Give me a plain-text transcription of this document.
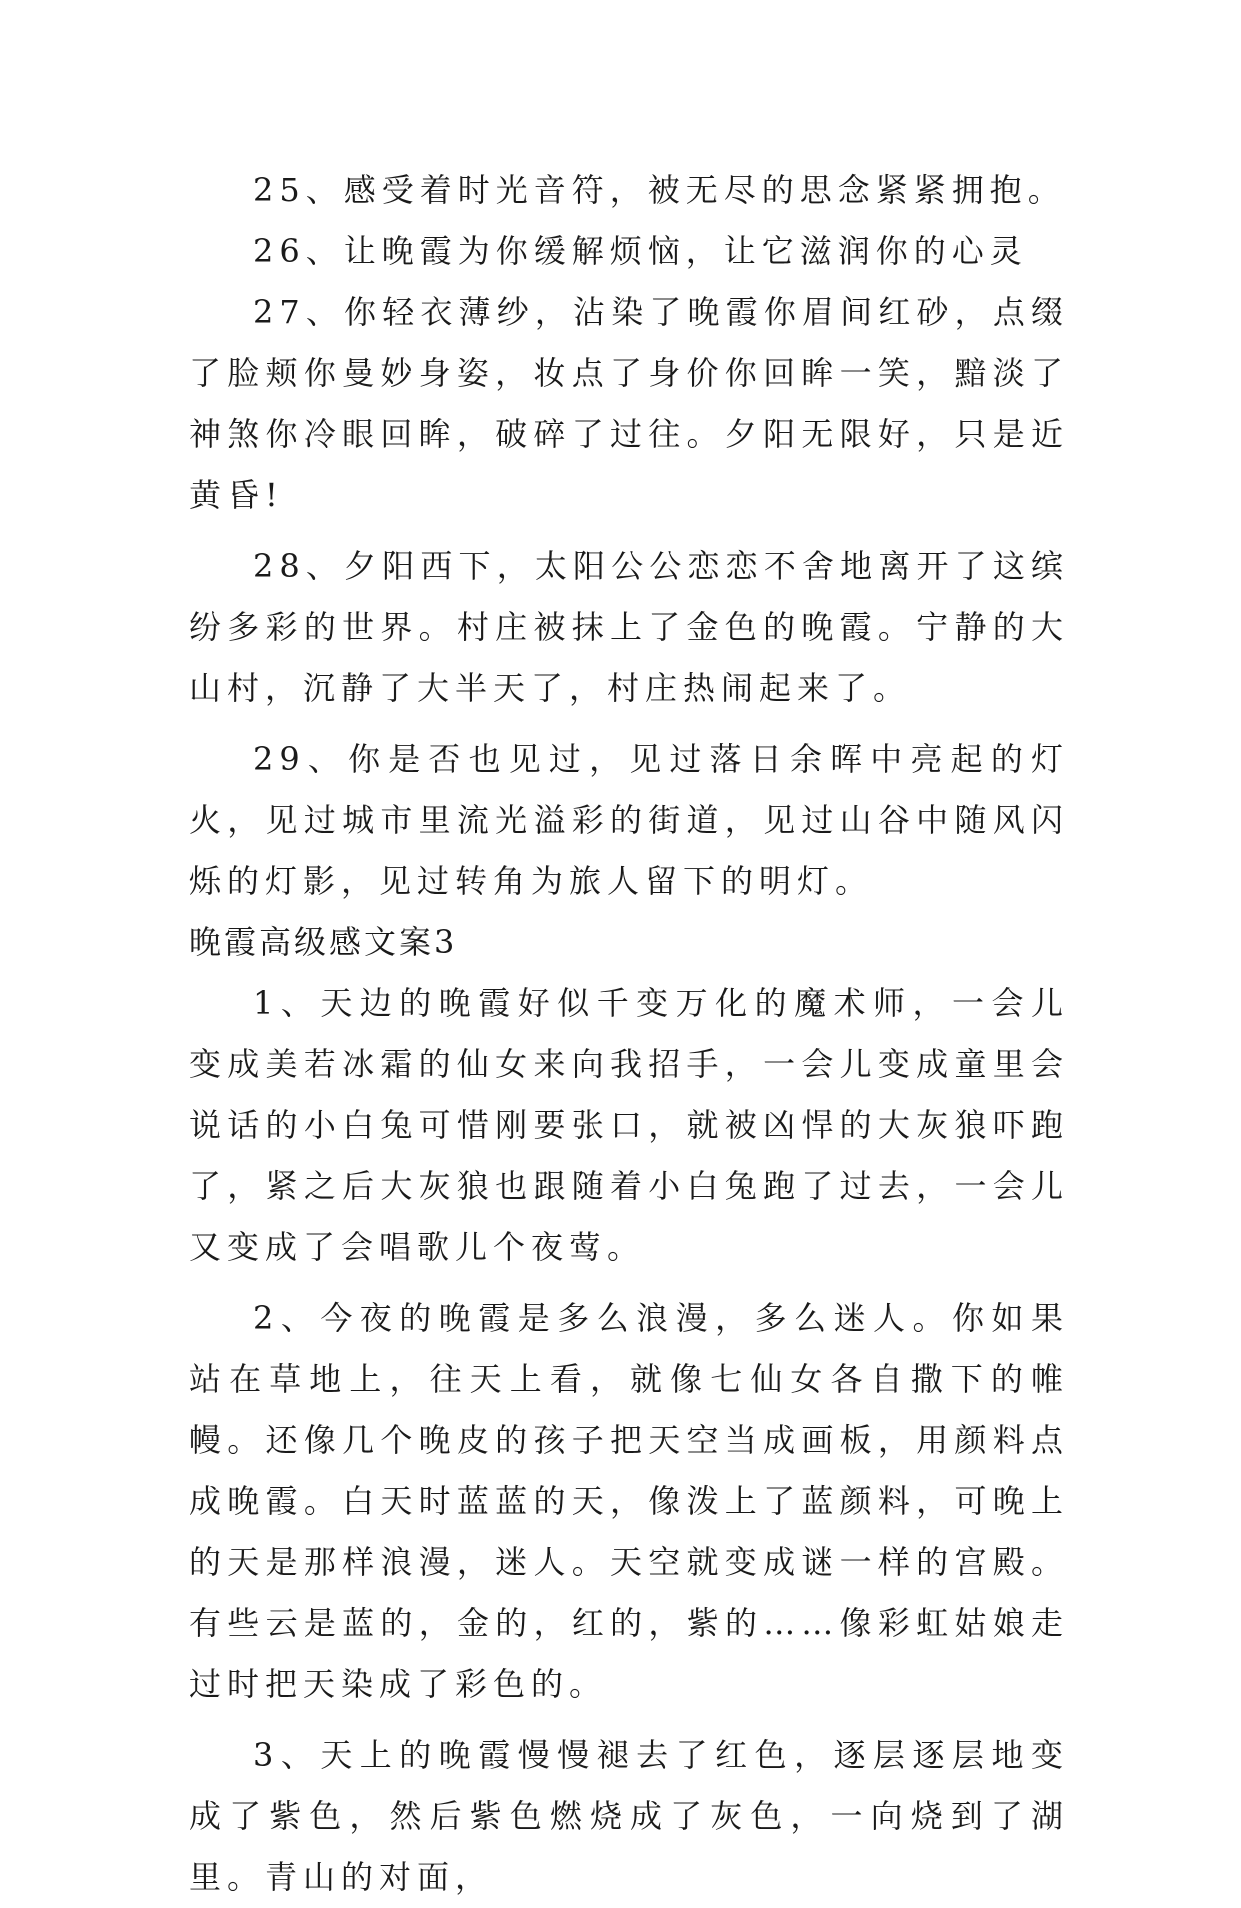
25、感受着时光音符，被无尽的思念紧紧拥抱。

26、让晚霞为你缓解烦恼，让它滋润你的心灵

27、你轻衣薄纱，沾染了晚霞你眉间红砂，点缀了脸颊你曼妙身姿，妆点了身价你回眸一笑，黯淡了神煞你冷眼回眸，破碎了过往。夕阳无限好，只是近黄昏!

28、夕阳西下，太阳公公恋恋不舍地离开了这缤纷多彩的世界。村庄被抹上了金色的晚霞。宁静的大山村，沉静了大半天了，村庄热闹起来了。

29、你是否也见过，见过落日余晖中亮起的灯火，见过城市里流光溢彩的街道，见过山谷中随风闪烁的灯影，见过转角为旅人留下的明灯。

晚霞高级感文案3

1、天边的晚霞好似千变万化的魔术师，一会儿变成美若冰霜的仙女来向我招手，一会儿变成童里会说话的小白兔可惜刚要张口，就被凶悍的大灰狼吓跑了，紧之后大灰狼也跟随着小白兔跑了过去，一会儿又变成了会唱歌儿个夜莺。

2、今夜的晚霞是多么浪漫，多么迷人。你如果站在草地上，往天上看，就像七仙女各自撒下的帷幔。还像几个晚皮的孩子把天空当成画板，用颜料点成晚霞。白天时蓝蓝的天，像泼上了蓝颜料，可晚上的天是那样浪漫，迷人。天空就变成谜一样的宫殿。有些云是蓝的，金的，红的，紫的……像彩虹姑娘走过时把天染成了彩色的。

3、天上的晚霞慢慢褪去了红色，逐层逐层地变成了紫色，然后紫色燃烧成了灰色，一向烧到了湖里。青山的对面，
